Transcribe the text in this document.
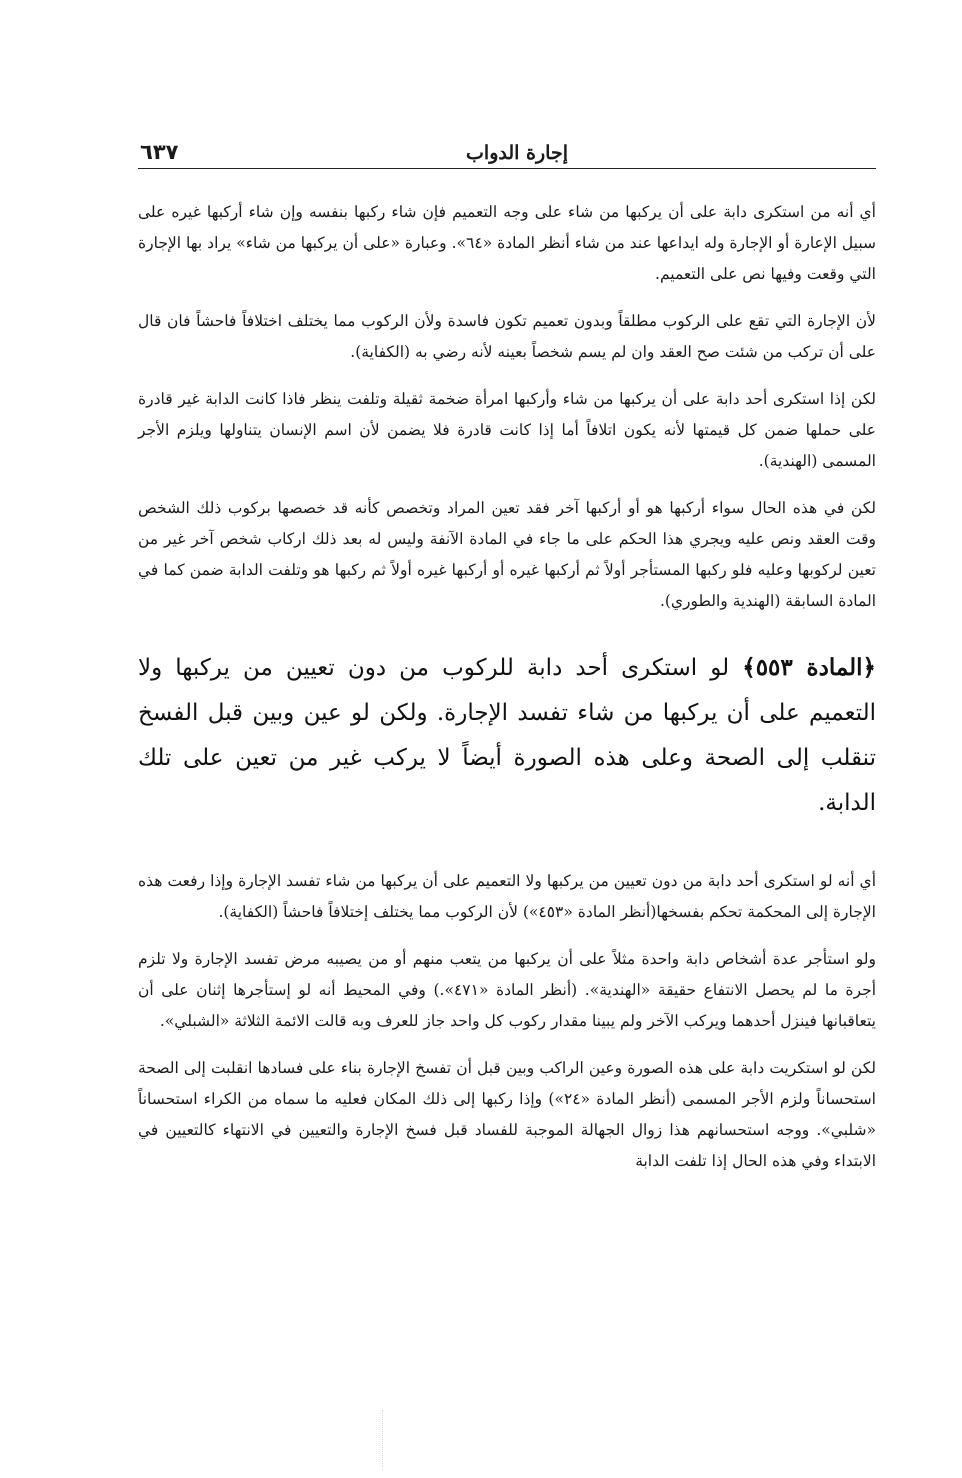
إجارة الدواب
٦٣٧

أي أنه من استكرى دابة على أن يركبها من شاء على وجه التعميم فإن شاء ركبها بنفسه وإن شاء أركبها غيره على سبيل الإعارة أو الإجارة وله ايداعها عند من شاء أنظر المادة «٦٤». وعبارة «على أن يركبها من شاء» يراد بها الإجارة التي وقعت وفيها نص على التعميم.

لأن الإجارة التي تقع على الركوب مطلقاً وبدون تعميم تكون فاسدة ولأن الركوب مما يختلف اختلافاً فاحشاً فان قال على أن تركب من شئت صح العقد وان لم يسم شخصاً بعينه لأنه رضي به (الكفاية).

لكن إذا استكرى أحد دابة على أن يركبها من شاء وأركبها امرأة ضخمة ثقيلة وتلفت ينظر فاذا كانت الدابة غير قادرة على حملها ضمن كل قيمتها لأنه يكون اتلافاً أما إذا كانت قادرة فلا يضمن لأن اسم الإنسان يتناولها ويلزم الأجر المسمى (الهندية).

لكن في هذه الحال سواء أركبها هو أو أركبها آخر فقد تعين المراد وتخصص كأنه قد خصصها بركوب ذلك الشخص وقت العقد ونص عليه ويجري هذا الحكم على ما جاء في المادة الآنفة وليس له بعد ذلك اركاب شخص آخر غير من تعين لركوبها وعليه فلو ركبها المستأجر أولاً ثم أركبها غيره أو أركبها غيره أولاً ثم ركبها هو وتلفت الدابة ضمن كما في المادة السابقة (الهندية والطوري).

﴿المادة ٥٥٣﴾ لو استكرى أحد دابة للركوب من دون تعيين من يركبها ولا التعميم على أن يركبها من شاء تفسد الإجارة. ولكن لو عين وبين قبل الفسخ تنقلب إلى الصحة وعلى هذه الصورة أيضاً لا يركب غير من تعين على تلك الدابة.

أي أنه لو استكرى أحد دابة من دون تعيين من يركبها ولا التعميم على أن يركبها من شاء تفسد الإجارة وإذا رفعت هذه الإجارة إلى المحكمة تحكم بفسخها(أنظر المادة «٤٥٣») لأن الركوب مما يختلف إختلافاً فاحشاً (الكفاية).

ولو استأجر عدة أشخاص دابة واحدة مثلاً على أن يركبها من يتعب منهم أو من يصيبه مرض تفسد الإجارة ولا تلزم أجرة ما لم يحصل الانتفاع حقيقة «الهندية». (أنظر المادة «٤٧١».) وفي المحيط أنه لو إستأجرها إثنان على أن يتعاقبانها فينزل أحدهما ويركب الآخر ولم يبينا مقدار ركوب كل واحد جاز للعرف وبه قالت الائمة الثلاثة «الشبلي».

لكن لو استكريت دابة على هذه الصورة وعين الراكب وبين قبل أن تفسخ الإجارة بناء على فسادها انقلبت إلى الصحة استحساناً ولزم الأجر المسمى (أنظر المادة «٢٤») وإذا ركبها إلى ذلك المكان فعليه ما سماه من الكراء استحساناً «شلبي». ووجه استحسانهم هذا زوال الجهالة الموجبة للفساد قبل فسخ الإجارة والتعيين في الانتهاء كالتعيين في الابتداء وفي هذه الحال إذا تلفت الدابة
